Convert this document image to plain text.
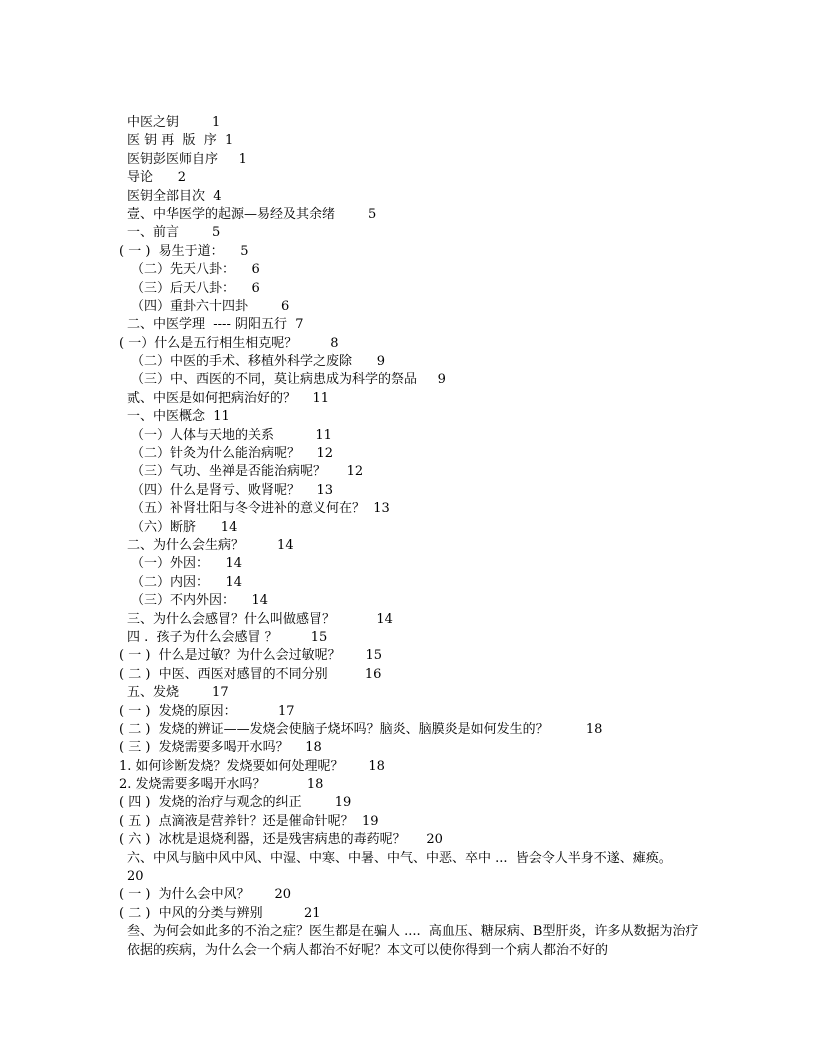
中医之钥        1
医 钥 再  版  序  1
医钥彭医师自序     1
导论      2
医钥全部目次  4
壹、中华医学的起源—易经及其余绪        5
一、前言        5
( 一 )  易生于道：    5
（二）先天八卦：    6
（三）后天八卦：    6
（四）重卦六十四卦        6
二、中医学理  ---- 阴阳五行  7
( 一）什么是五行相生相克呢？        8
（二）中医的手术、移植外科学之废除      9
（三）中、西医的不同，莫让病患成为科学的祭品     9
贰、中医是如何把病治好的？    11
一、中医概念  11
（一）人体与天地的关系          11
（二）针灸为什么能治病呢？    12
（三）气功、坐禅是否能治病呢？     12
（四）什么是肾亏、败肾呢？    13
（五）补肾壮阳与冬令进补的意义何在？  13
（六）断脐      14
二、为什么会生病？        14
（一）外因：    14
（二）内因：    14
（三）不内外因：    14
三、为什么会感冒？什么叫做感冒？          14
四 .  孩子为什么会感冒 ？        15
( 一 )  什么是过敏？为什么会过敏呢？      15
( 二 )  中医、西医对感冒的不同分别         16
五、发烧        17
( 一 )  发烧的原因：          17
( 二 )  发烧的辨证——发烧会使脑子烧坏吗？脑炎、脑膜炎是如何发生的？         18
( 三 )  发烧需要多喝开水吗？    18
1. 如何诊断发烧？发烧要如何处理呢？      18
2. 发烧需要多喝开水吗？          18
( 四 )  发烧的治疗与观念的纠正        19
( 五 )  点滴液是营养针？还是催命针呢？  19
( 六 )  冰枕是退烧利器，还是残害病患的毒药呢？     20
六、中风与脑中风中风、中湿、中寒、中暑、中气、中恶、卒中 ...  皆会令人半身不遂、瘫痪。        20
( 一 )  为什么会中风？      20
( 二 )  中风的分类与辨别          21
叁、为何会如此多的不治之症？医生都是在骗人 ....  高血压、糖尿病、B型肝炎，许多从数据为治疗依据的疾病，为什么会一个病人都治不好呢？本文可以使你得到一个病人都治不好的
